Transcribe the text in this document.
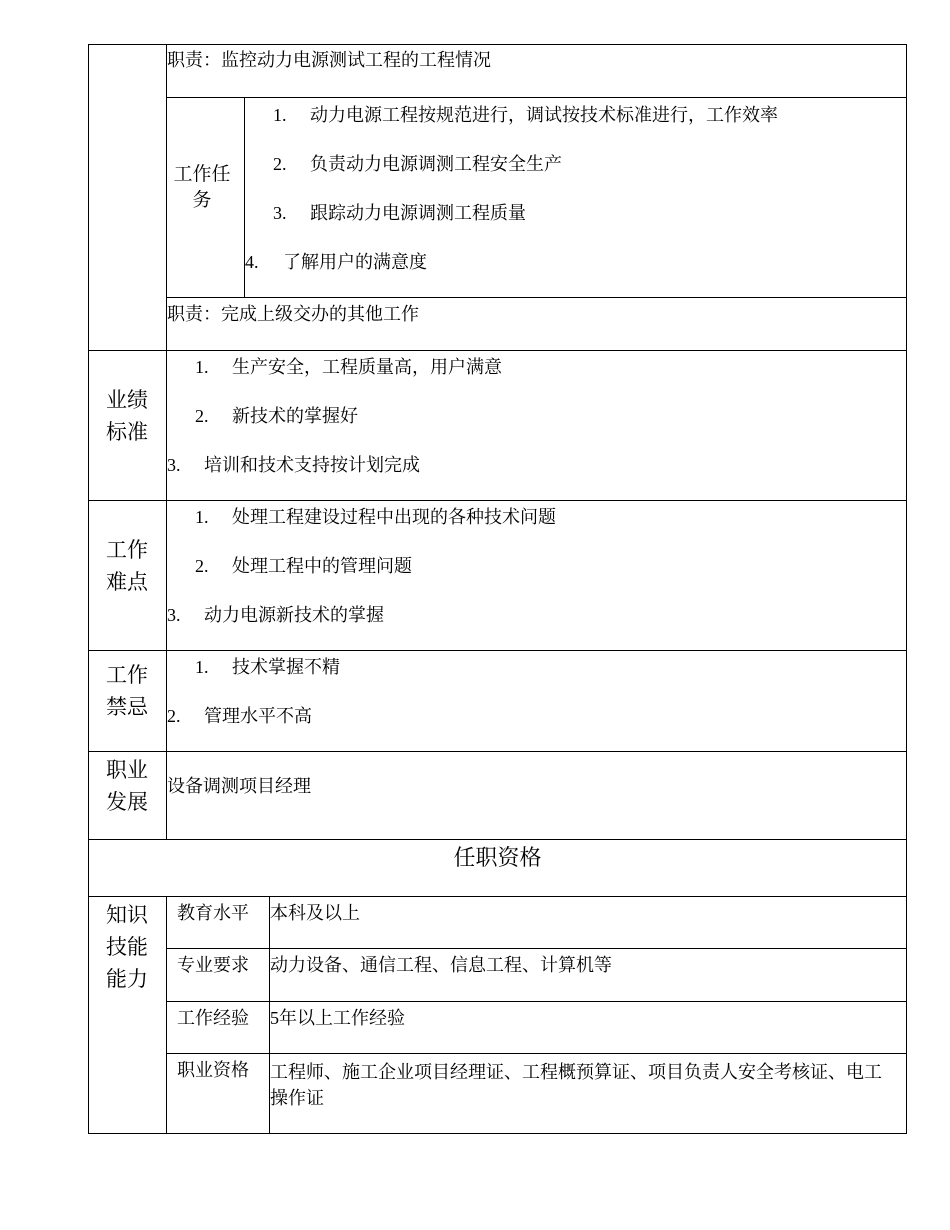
职责：监控动力电源测试工程的工程情况
工作任务
1. 动力电源工程按规范进行，调试按技术标准进行，工作效率
2. 负责动力电源调测工程安全生产
3. 跟踪动力电源调测工程质量
4. 了解用户的满意度
职责：完成上级交办的其他工作
业绩标准
1. 生产安全，工程质量高，用户满意
2. 新技术的掌握好
3. 培训和技术支持按计划完成
工作难点
1. 处理工程建设过程中出现的各种技术问题
2. 处理工程中的管理问题
3. 动力电源新技术的掌握
工作禁忌
1. 技术掌握不精
2. 管理水平不高
职业发展
设备调测项目经理
任职资格
知识技能能力
教育水平 本科及以上
专业要求 动力设备、通信工程、信息工程、计算机等
工作经验 5年以上工作经验
职业资格 工程师、施工企业项目经理证、工程概预算证、项目负责人安全考核证、电工操作证
